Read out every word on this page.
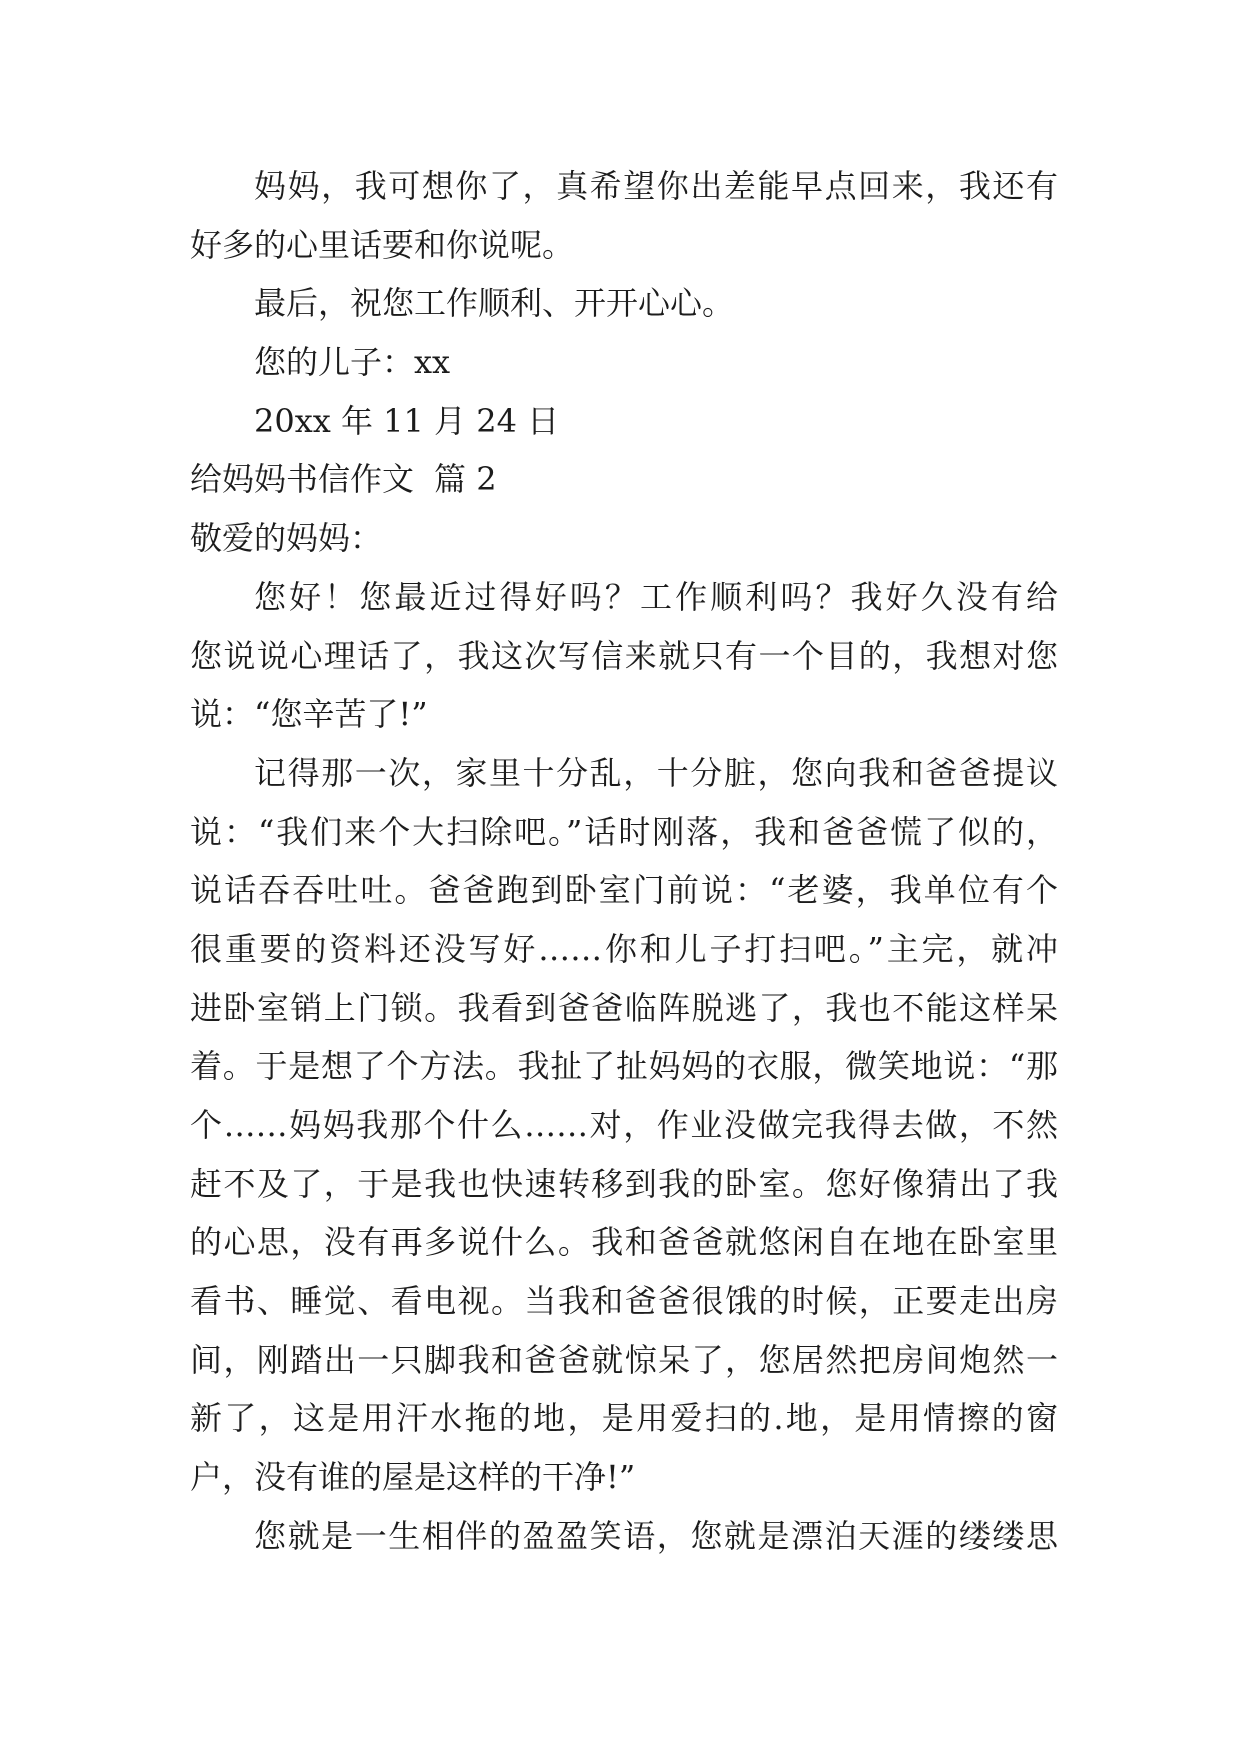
妈妈，我可想你了，真希望你出差能早点回来，我还有
好多的心里话要和你说呢。
最后，祝您工作顺利、开开心心。
您的儿子：xx
20xx 年 11 月 24 日
给妈妈书信作文 篇 2
敬爱的妈妈：
您好！您最近过得好吗？工作顺利吗？我好久没有给
您说说心理话了，我这次写信来就只有一个目的，我想对您
说：“您辛苦了!”
记得那一次，家里十分乱，十分脏，您向我和爸爸提议
说：“我们来个大扫除吧。”话时刚落，我和爸爸慌了似的，
说话吞吞吐吐。爸爸跑到卧室门前说：“老婆，我单位有个
很重要的资料还没写好……你和儿子打扫吧。”主完，就冲
进卧室销上门锁。我看到爸爸临阵脱逃了，我也不能这样呆
着。于是想了个方法。我扯了扯妈妈的衣服，微笑地说：“那
个……妈妈我那个什么……对，作业没做完我得去做，不然
赶不及了，于是我也快速转移到我的卧室。您好像猜出了我
的心思，没有再多说什么。我和爸爸就悠闲自在地在卧室里
看书、睡觉、看电视。当我和爸爸很饿的时候，正要走出房
间，刚踏出一只脚我和爸爸就惊呆了，您居然把房间炮然一
新了，这是用汗水拖的地，是用爱扫的.地，是用情擦的窗
户，没有谁的屋是这样的干净!”
您就是一生相伴的盈盈笑语，您就是漂泊天涯的缕缕思
